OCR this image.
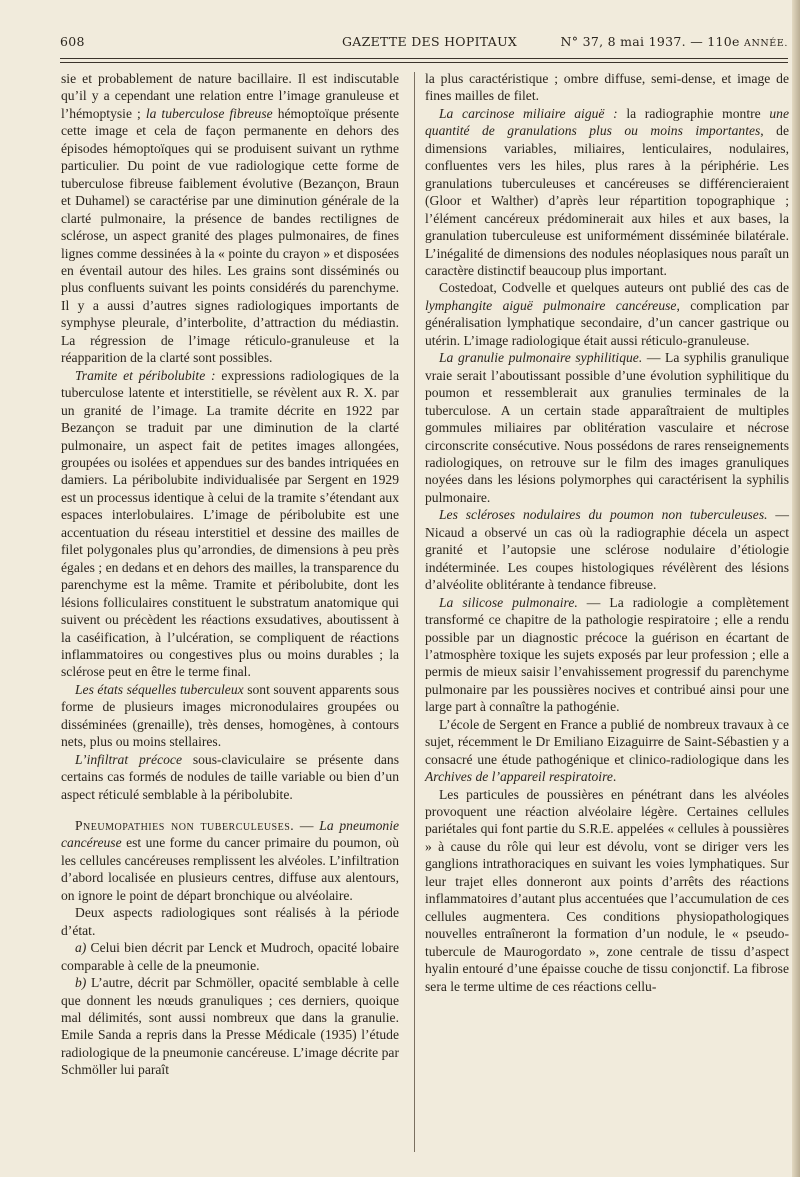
608	GAZETTE DES HOPITAUX	N° 37, 8 mai 1937. — 110e ANNÉE.

sie et probablement de nature bacillaire. Il est indiscutable qu’il y a cependant une relation entre l’image granuleuse et l’hémoptysie ; la tuberculose fibreuse hémoptoïque présente cette image et cela de façon permanente en dehors des épisodes hémoptoïques qui se produisent suivant un rythme particulier. Du point de vue radiologique cette forme de tuberculose fibreuse faiblement évolutive (Bezançon, Braun et Duhamel) se caractérise par une diminution générale de la clarté pulmonaire, la présence de bandes rectilignes de sclérose, un aspect granité des plages pulmonaires, de fines lignes comme dessinées à la « pointe du crayon » et disposées en éventail autour des hiles. Les grains sont disséminés ou plus confluents suivant les points considérés du parenchyme. Il y a aussi d’autres signes radiologiques importants de symphyse pleurale, d’interbolite, d’attraction du médiastin. La régression de l’image réticulo-granuleuse et la réapparition de la clarté sont possibles.

Tramite et péribolubite : expressions radiologiques de la tuberculose latente et interstitielle, se révèlent aux R. X. par un granité de l’image. La tramite décrite en 1922 par Bezançon se traduit par une diminution de la clarté pulmonaire, un aspect fait de petites images allongées, groupées ou isolées et appendues sur des bandes intriquées en damiers. La péribolubite individualisée par Sergent en 1929 est un processus identique à celui de la tramite s’étendant aux espaces interlobulaires. L’image de péribolubite est une accentuation du réseau interstitiel et dessine des mailles de filet polygonales plus qu’arrondies, de dimensions à peu près égales ; en dedans et en dehors des mailles, la transparence du parenchyme est la même. Tramite et péribolubite, dont les lésions folliculaires constituent le substratum anatomique qui suivent ou précèdent les réactions exsudatives, aboutissent à la caséification, à l’ulcération, se compliquent de réactions inflammatoires ou congestives plus ou moins durables ; la sclérose peut en être le terme final.

Les états séquelles tuberculeux sont souvent apparents sous forme de plusieurs images micronodulaires groupées ou disséminées (grenaille), très denses, homogènes, à contours nets, plus ou moins stellaires.

L’infiltrat précoce sous-claviculaire se présente dans certains cas formés de nodules de taille variable ou bien d’un aspect réticulé semblable à la péribolubite.

Pneumopathies non tuberculeuses. — La pneumonie cancéreuse est une forme du cancer primaire du poumon, où les cellules cancéreuses remplissent les alvéoles. L’infiltration d’abord localisée en plusieurs centres, diffuse aux alentours, on ignore le point de départ bronchique ou alvéolaire.

Deux aspects radiologiques sont réalisés à la période d’état.

a) Celui bien décrit par Lenck et Mudroch, opacité lobaire comparable à celle de la pneumonie.

b) L’autre, décrit par Schmöller, opacité semblable à celle que donnent les nœuds granuliques ; ces derniers, quoique mal délimités, sont aussi nombreux que dans la granulie. Emile Sanda a repris dans la Presse Médicale (1935) l’étude radiologique de la pneumonie cancéreuse. L’image décrite par Schmöller lui paraît

la plus caractéristique ; ombre diffuse, semi-dense, et image de fines mailles de filet.

La carcinose miliaire aiguë : la radiographie montre une quantité de granulations plus ou moins importantes, de dimensions variables, miliaires, lenticulaires, nodulaires, confluentes vers les hiles, plus rares à la périphérie. Les granulations tuberculeuses et cancéreuses se différencieraient (Gloor et Walther) d’après leur répartition topographique ; l’élément cancéreux prédominerait aux hiles et aux bases, la granulation tuberculeuse est uniformément disséminée bilatérale. L’inégalité de dimensions des nodules néoplasiques nous paraît un caractère distinctif beaucoup plus important.

Costedoat, Codvelle et quelques auteurs ont publié des cas de lymphangite aiguë pulmonaire cancéreuse, complication par généralisation lymphatique secondaire, d’un cancer gastrique ou utérin. L’image radiologique était aussi réticulo-granuleuse.

La granulie pulmonaire syphilitique. — La syphilis granulique vraie serait l’aboutissant possible d’une évolution syphilitique du poumon et ressemblerait aux granulies terminales de la tuberculose. A un certain stade apparaîtraient de multiples gommules miliaires par oblitération vasculaire et nécrose circonscrite consécutive. Nous possédons de rares renseignements radiologiques, on retrouve sur le film des images granuliques noyées dans les lésions polymorphes qui caractérisent la syphilis pulmonaire.

Les scléroses nodulaires du poumon non tuberculeuses. — Nicaud a observé un cas où la radiographie décela un aspect granité et l’autopsie une sclérose nodulaire d’étiologie indéterminée. Les coupes histologiques révélèrent des lésions d’alvéolite oblitérante à tendance fibreuse.

La silicose pulmonaire. — La radiologie a complètement transformé ce chapitre de la pathologie respiratoire ; elle a rendu possible par un diagnostic précoce la guérison en écartant de l’atmosphère toxique les sujets exposés par leur profession ; elle a permis de mieux saisir l’envahissement progressif du parenchyme pulmonaire par les poussières nocives et contribué ainsi pour une large part à connaître la pathogénie.

L’école de Sergent en France a publié de nombreux travaux à ce sujet, récemment le Dr Emiliano Eizaguirre de Saint-Sébastien y a consacré une étude pathogénique et clinico-radiologique dans les Archives de l’appareil respiratoire.

Les particules de poussières en pénétrant dans les alvéoles provoquent une réaction alvéolaire légère. Certaines cellules pariétales qui font partie du S.R.E. appelées « cellules à poussières » à cause du rôle qui leur est dévolu, vont se diriger vers les ganglions intrathoraciques en suivant les voies lymphatiques. Sur leur trajet elles donneront aux points d’arrêts des réactions inflammatoires d’autant plus accentuées que l’accumulation de ces cellules augmentera. Ces conditions physiopathologiques nouvelles entraîneront la formation d’un nodule, le « pseudo-tubercule de Maurogordato », zone centrale de tissu d’aspect hyalin entouré d’une épaisse couche de tissu conjonctif. La fibrose sera le terme ultime de ces réactions cellu-
